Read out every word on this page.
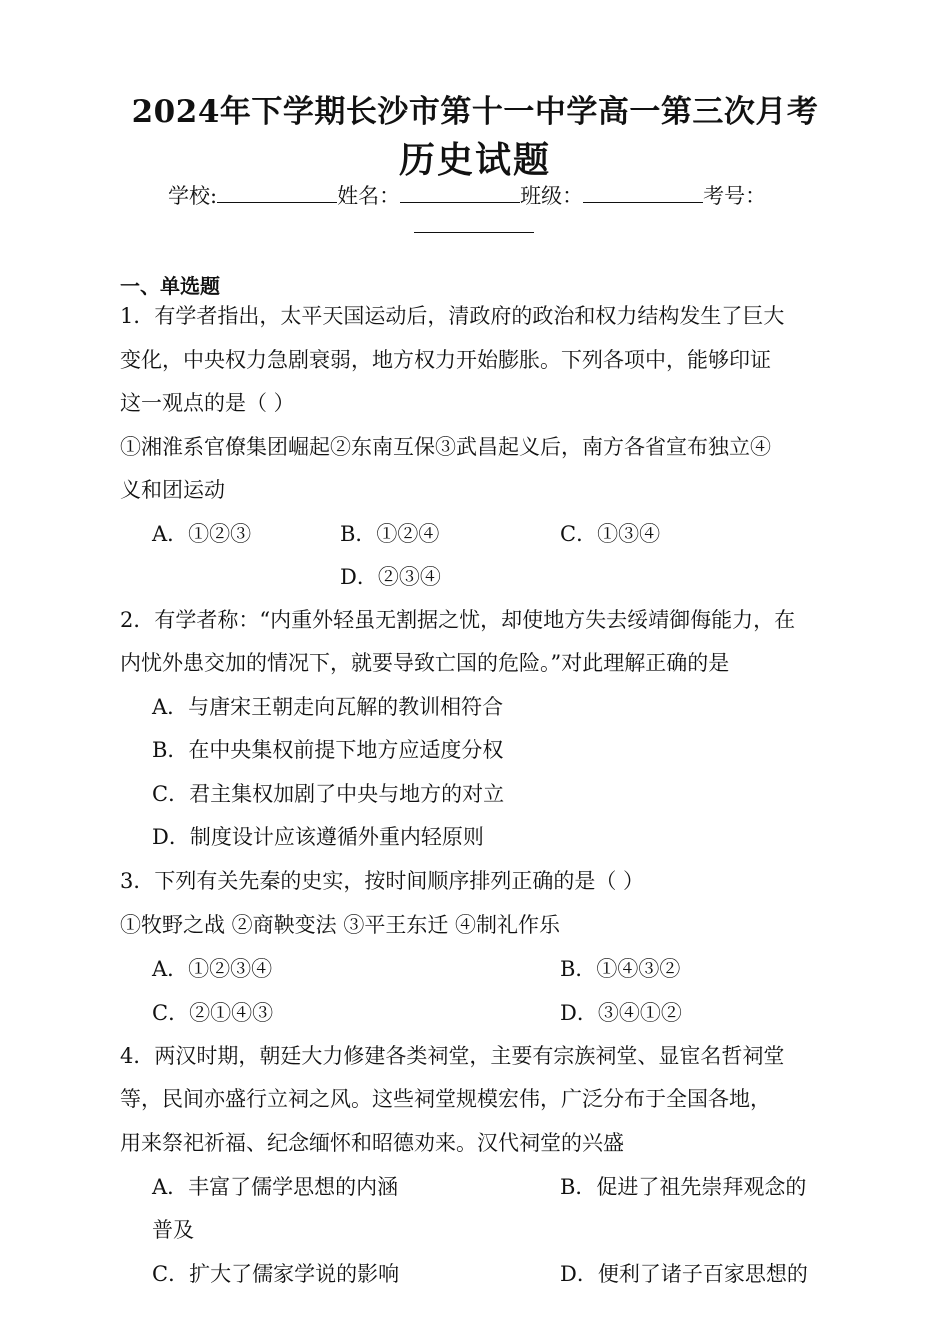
2024年下学期长沙市第十一中学高一第三次月考
历史试题
学校:	姓名：	班级：	考号：
一、单选题
1．有学者指出，太平天国运动后，清政府的政治和权力结构发生了巨大
变化，中央权力急剧衰弱，地方权力开始膨胀。下列各项中，能够印证
这一观点的是（ ）
①湘淮系官僚集团崛起②东南互保③武昌起义后，南方各省宣布独立④
义和团运动
A．①②③	B．①②④	C．①③④
D．②③④
2．有学者称：“内重外轻虽无割据之忧，却使地方失去绥靖御侮能力，在
内忧外患交加的情况下，就要导致亡国的危险。”对此理解正确的是
A．与唐宋王朝走向瓦解的教训相符合
B．在中央集权前提下地方应适度分权
C．君主集权加剧了中央与地方的对立
D．制度设计应该遵循外重内轻原则
3．下列有关先秦的史实，按时间顺序排列正确的是（ ）
①牧野之战 ②商鞅变法 ③平王东迁 ④制礼作乐
A．①②③④	B．①④③②
C．②①④③	D．③④①②
4．两汉时期，朝廷大力修建各类祠堂，主要有宗族祠堂、显宦名哲祠堂
等，民间亦盛行立祠之风。这些祠堂规模宏伟，广泛分布于全国各地，
用来祭祀祈福、纪念缅怀和昭德劝来。汉代祠堂的兴盛
A．丰富了儒学思想的内涵	B．促进了祖先崇拜观念的
普及
C．扩大了儒家学说的影响	D．便利了诸子百家思想的
